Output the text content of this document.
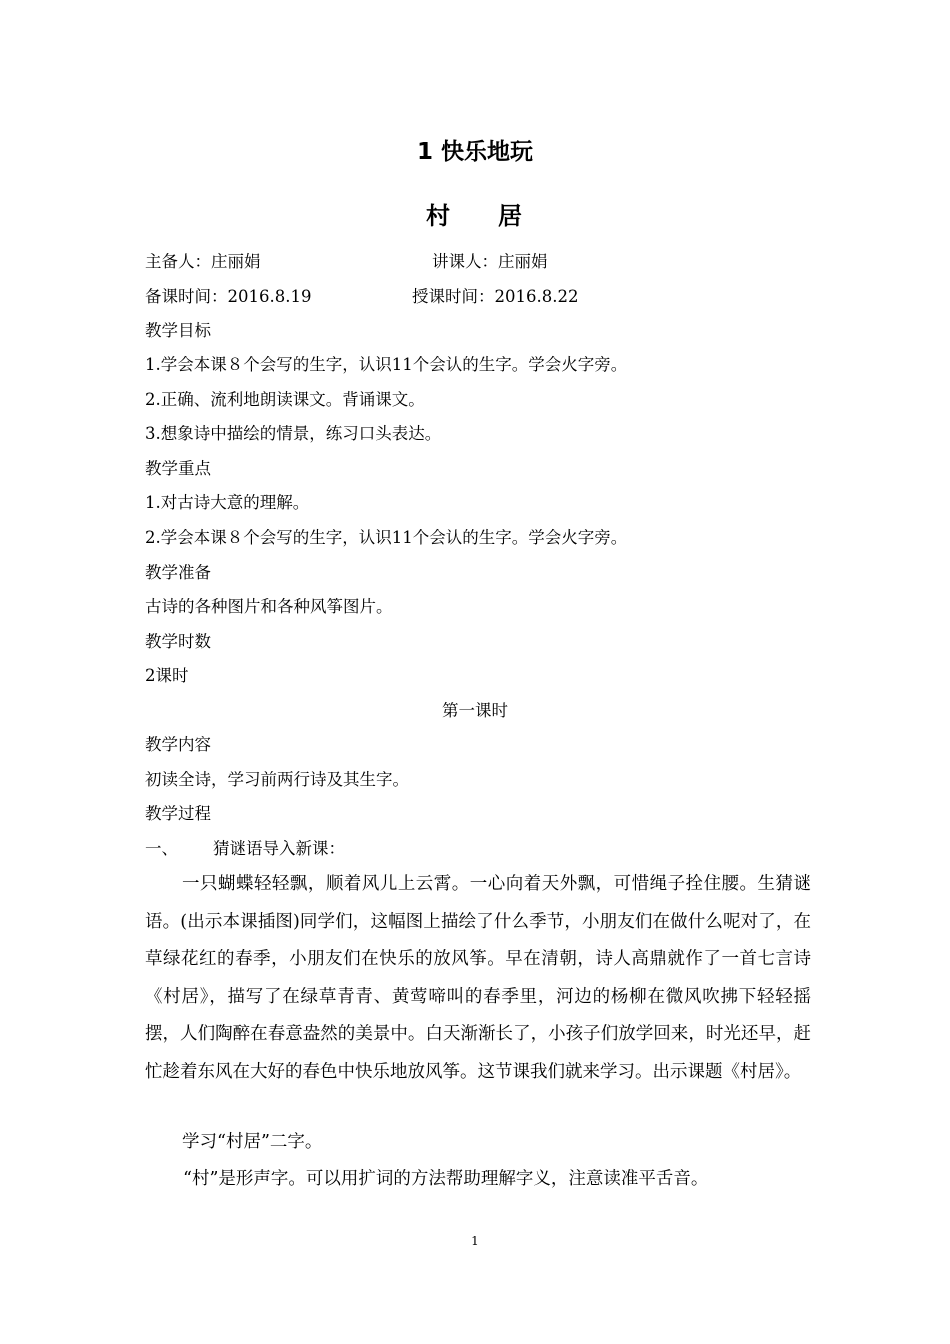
1 快乐地玩
村 居
主备人：庄丽娟	讲课人：庄丽娟
备课时间：2016.8.19	授课时间：2016.8.22
教学目标
1.学会本课８个会写的生字，认识11个会认的生字。学会火字旁。
2.正确、流利地朗读课文。背诵课文。
3.想象诗中描绘的情景，练习口头表达。
教学重点
1.对古诗大意的理解。
2.学会本课８个会写的生字，认识11个会认的生字。学会火字旁。
教学准备
古诗的各种图片和各种风筝图片。
教学时数
2课时
第一课时
教学内容
初读全诗，学习前两行诗及其生字。
教学过程
一、 猜谜语导入新课：
一只蝴蝶轻轻飘，顺着风儿上云霄。一心向着天外飘，可惜绳子拴住腰。生猜谜语。(出示本课插图)同学们，这幅图上描绘了什么季节，小朋友们在做什么呢对了，在草绿花红的春季，小朋友们在快乐的放风筝。早在清朝，诗人高鼎就作了一首七言诗《村居》，描写了在绿草青青、黄莺啼叫的春季里，河边的杨柳在微风吹拂下轻轻摇摆，人们陶醉在春意盎然的美景中。白天渐渐长了，小孩子们放学回来，时光还早，赶忙趁着东风在大好的春色中快乐地放风筝。这节课我们就来学习。出示课题《村居》。
学习“村居”二字。
“村”是形声字。可以用扩词的方法帮助理解字义，注意读准平舌音。
1
